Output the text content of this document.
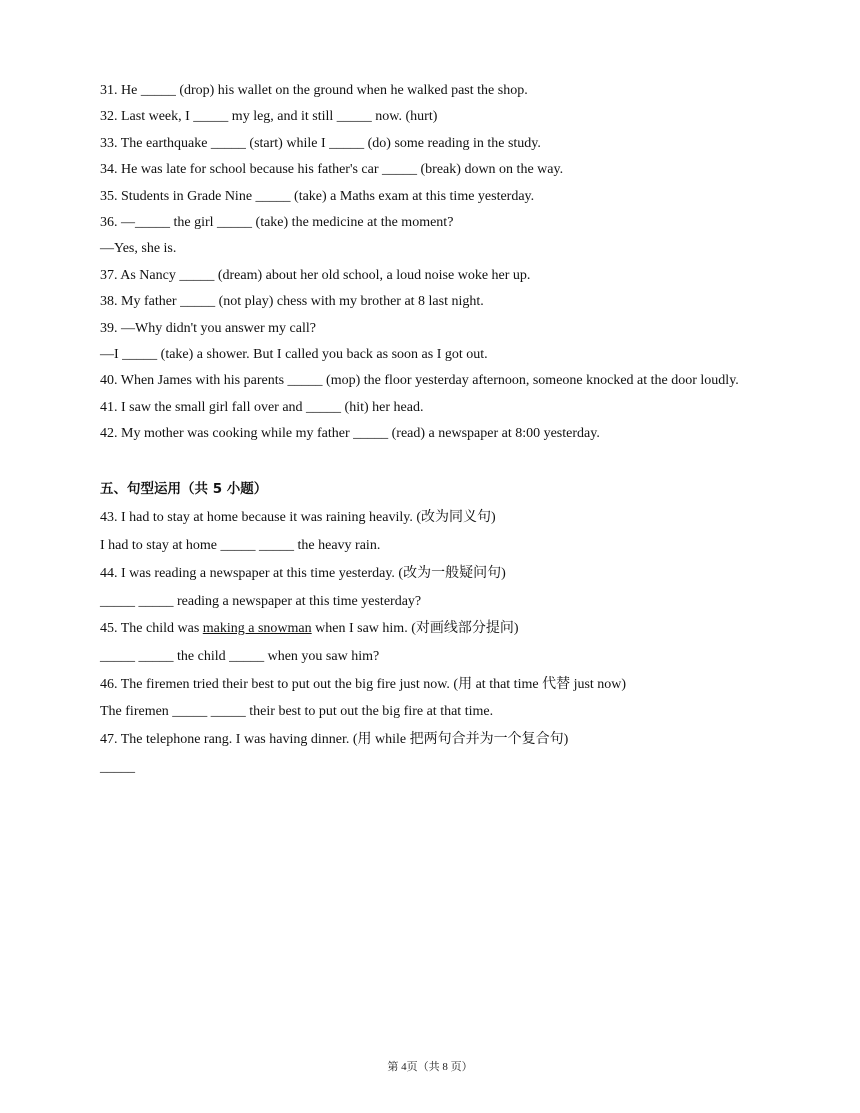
31. He _____ (drop) his wallet on the ground when he walked past the shop.
32. Last week, I _____ my leg, and it still _____ now. (hurt)
33. The earthquake _____ (start) while I _____ (do) some reading in the study.
34. He was late for school because his father's car _____ (break) down on the way.
35. Students in Grade Nine _____ (take) a Maths exam at this time yesterday.
36. —_____ the girl _____ (take) the medicine at the moment?
—Yes, she is.
37. As Nancy _____ (dream) about her old school, a loud noise woke her up.
38. My father _____ (not play) chess with my brother at 8 last night.
39. —Why didn't you answer my call?
—I _____ (take) a shower. But I called you back as soon as I got out.
40. When James with his parents _____ (mop) the floor yesterday afternoon, someone knocked at the door loudly.
41. I saw the small girl fall over and _____ (hit) her head.
42. My mother was cooking while my father _____ (read) a newspaper at 8:00 yesterday.
五、句型运用（共 5 小题）
43. I had to stay at home because it was raining heavily. (改为同义句)
I had to stay at home _____ _____ the heavy rain.
44. I was reading a newspaper at this time yesterday. (改为一般疑问句)
_____ _____ reading a newspaper at this time yesterday?
45. The child was making a snowman when I saw him. (对画线部分提问)
_____ _____ the child _____ when you saw him?
46. The firemen tried their best to put out the big fire just now. (用 at that time 代替 just now)
The firemen _____ _____ their best to put out the big fire at that time.
47. The telephone rang. I was having dinner. (用 while 把两句合并为一个复合句)
_____
第 4页（共 8 页）
